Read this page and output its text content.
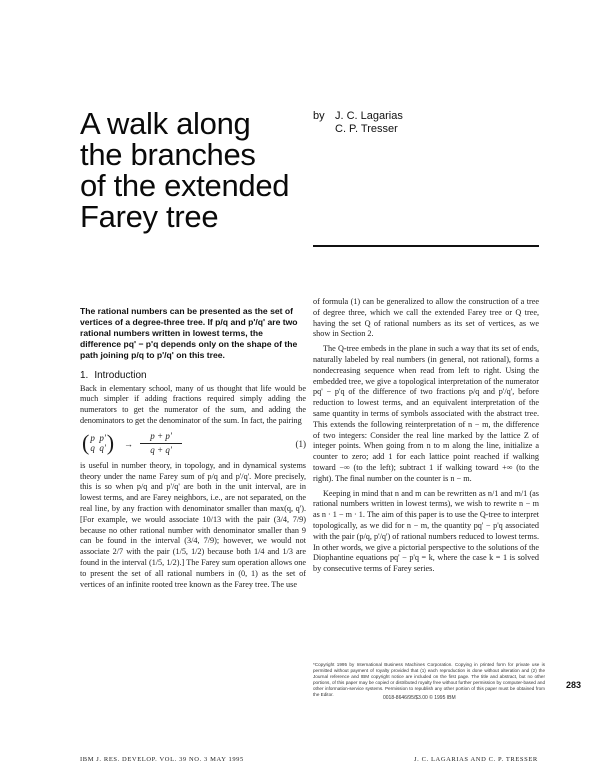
A walk along
the branches
of the extended
Farey tree
by J. C. Lagarias
C. P. Tresser

The rational numbers can be presented as the set of vertices of a degree-three tree. If p/q and p'/q' are two rational numbers written in lowest terms, the difference pq' − p'q depends only on the shape of the path joining p/q to p'/q' on this tree.

1. Introduction

Back in elementary school, many of us thought that life would be much simpler if adding fractions required simply adding the numerators to get the numerator of the sum, and adding the denominators to get the denominator of the sum. In fact, the pairing

(p p'
q q') →
p + p'
q + q'
(1)

is useful in number theory, in topology, and in dynamical systems theory under the name Farey sum of p/q and p'/q'. More precisely, this is so when p/q and p'/q' are both in the unit interval, are in lowest terms, and are Farey neighbors, i.e., are not separated, on the real line, by any fraction with denominator smaller than max(q, q'). [For example, we would associate 10/13 with the pair (3/4, 7/9) because no other rational number with denominator smaller than 9 can be found in the interval (3/4, 7/9); however, we would not associate 2/7 with the pair (1/5, 1/2) because both 1/4 and 1/3 are found in the interval (1/5, 1/2).] The Farey sum operation allows one to present the set of all rational numbers in (0, 1) as the set of vertices of an infinite rooted tree known as the Farey tree. The use

of formula (1) can be generalized to allow the construction of a tree of degree three, which we call the extended Farey tree or Q tree, having the set Q of rational numbers as its set of vertices, as we show in Section 2.

The Q-tree embeds in the plane in such a way that its set of ends, naturally labeled by real numbers (in general, not rational), forms a nondecreasing sequence when read from left to right. Using the embedded tree, we give a topological interpretation of the numerator pq' − p'q of the difference of two fractions p/q and p'/q', before reduction to lowest terms, and an equivalent interpretation of the same quantity in terms of symbols associated with the abstract tree. This extends the following reinterpretation of n − m, the difference of two integers: Consider the real line marked by the lattice Z of integer points. When going from n to m along the line, initialize a counter to zero; add 1 for each lattice point reached if walking toward −∞ (to the left); subtract 1 if walking toward +∞ (to the right). The final number on the counter is n − m.

Keeping in mind that n and m can be rewritten as n/1 and m/1 (as rational numbers written in lowest terms), we wish to rewrite n − m as n · 1 − m · 1. The aim of this paper is to use the Q-tree to interpret topologically, as we did for n − m, the quantity pq' − p'q associated with the pair (p/q, p'/q') of rational numbers reduced to lowest terms. In other words, we give a pictorial perspective to the solutions of the Diophantine equations pq' − p'q = k, where the case k = 1 is solved by consecutive terms of Farey series.

*Copyright 1995 by International Business Machines Corporation. Copying in printed form for private use is permitted without payment of royalty provided that (1) each reproduction is done without alteration and (2) the Journal reference and IBM copyright notice are included on the first page. The title and abstract, but no other portions, of this paper may be copied or distributed royalty free without further permission by computer-based and other information-service systems. Permission to republish any other portion of this paper must be obtained from the Editor.
0018-8646/95/$3.00 © 1995 IBM
283
IBM J. RES. DEVELOP. VOL. 39 NO. 3 MAY 1995	J. C. LAGARIAS AND C. P. TRESSER
